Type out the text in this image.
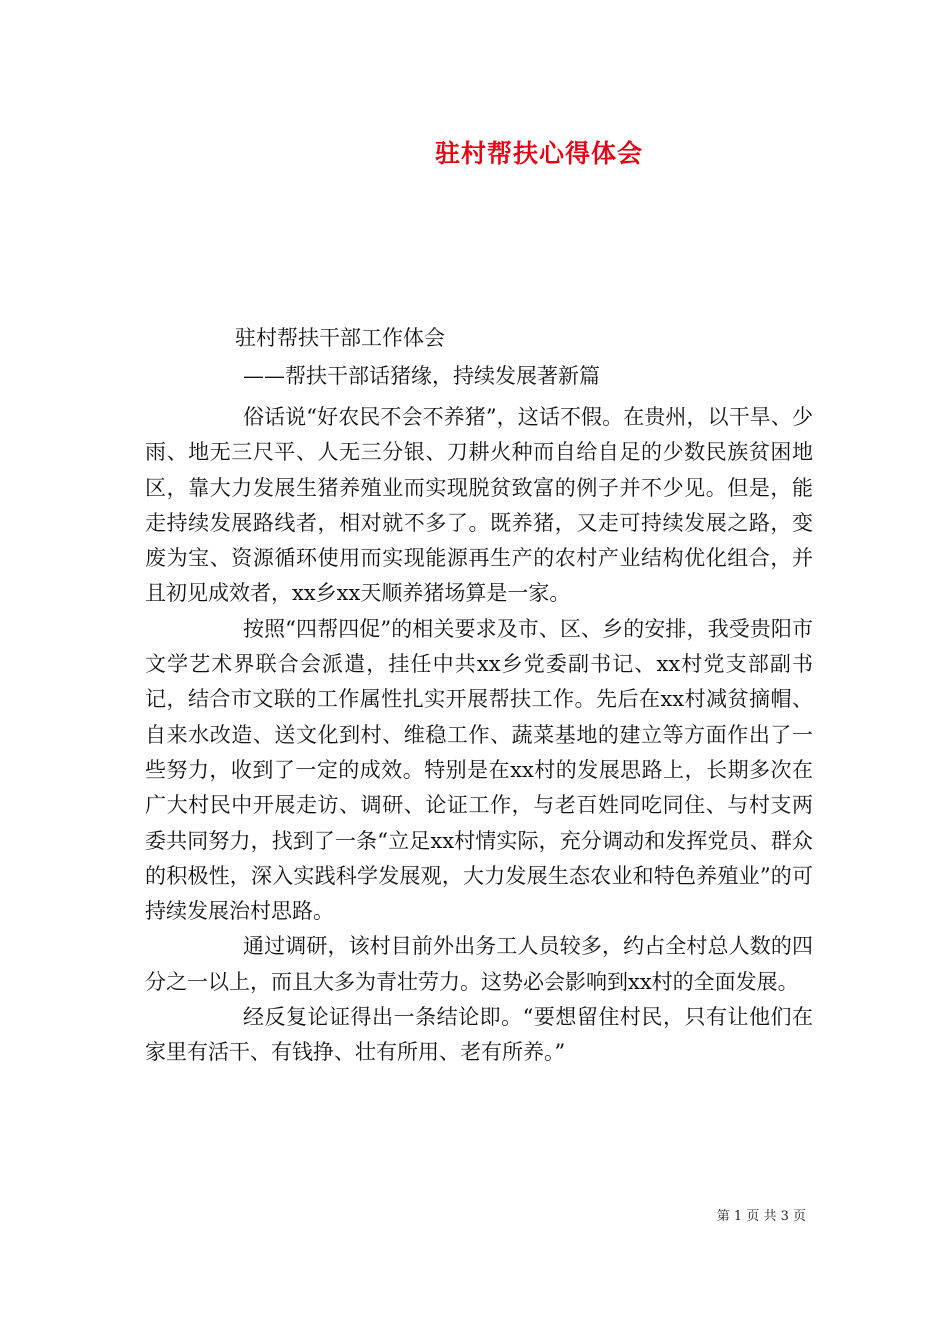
驻村帮扶心得体会
驻村帮扶干部工作体会
——帮扶干部话猪缘，持续发展著新篇

俗话说“好农民不会不养猪”，这话不假。在贵州，以干旱、少雨、地无三尺平、人无三分银、刀耕火种而自给自足的少数民族贫困地区，靠大力发展生猪养殖业而实现脱贫致富的例子并不少见。但是，能走持续发展路线者，相对就不多了。既养猪，又走可持续发展之路，变废为宝、资源循环使用而实现能源再生产的农村产业结构优化组合，并且初见成效者，xx乡xx天顺养猪场算是一家。

按照“四帮四促”的相关要求及市、区、乡的安排，我受贵阳市文学艺术界联合会派遣，挂任中共xx乡党委副书记、xx村党支部副书记，结合市文联的工作属性扎实开展帮扶工作。先后在xx村减贫摘帽、自来水改造、送文化到村、维稳工作、蔬菜基地的建立等方面作出了一些努力，收到了一定的成效。特别是在xx村的发展思路上，长期多次在广大村民中开展走访、调研、论证工作，与老百姓同吃同住、与村支两委共同努力，找到了一条“立足xx村情实际，充分调动和发挥党员、群众的积极性，深入实践科学发展观，大力发展生态农业和特色养殖业”的可持续发展治村思路。

通过调研，该村目前外出务工人员较多，约占全村总人数的四分之一以上，而且大多为青壮劳力。这势必会影响到xx村的全面发展。

经反复论证得出一条结论即。“要想留住村民，只有让他们在家里有活干、有钱挣、壮有所用、老有所养。”

第 1 页 共 3 页
